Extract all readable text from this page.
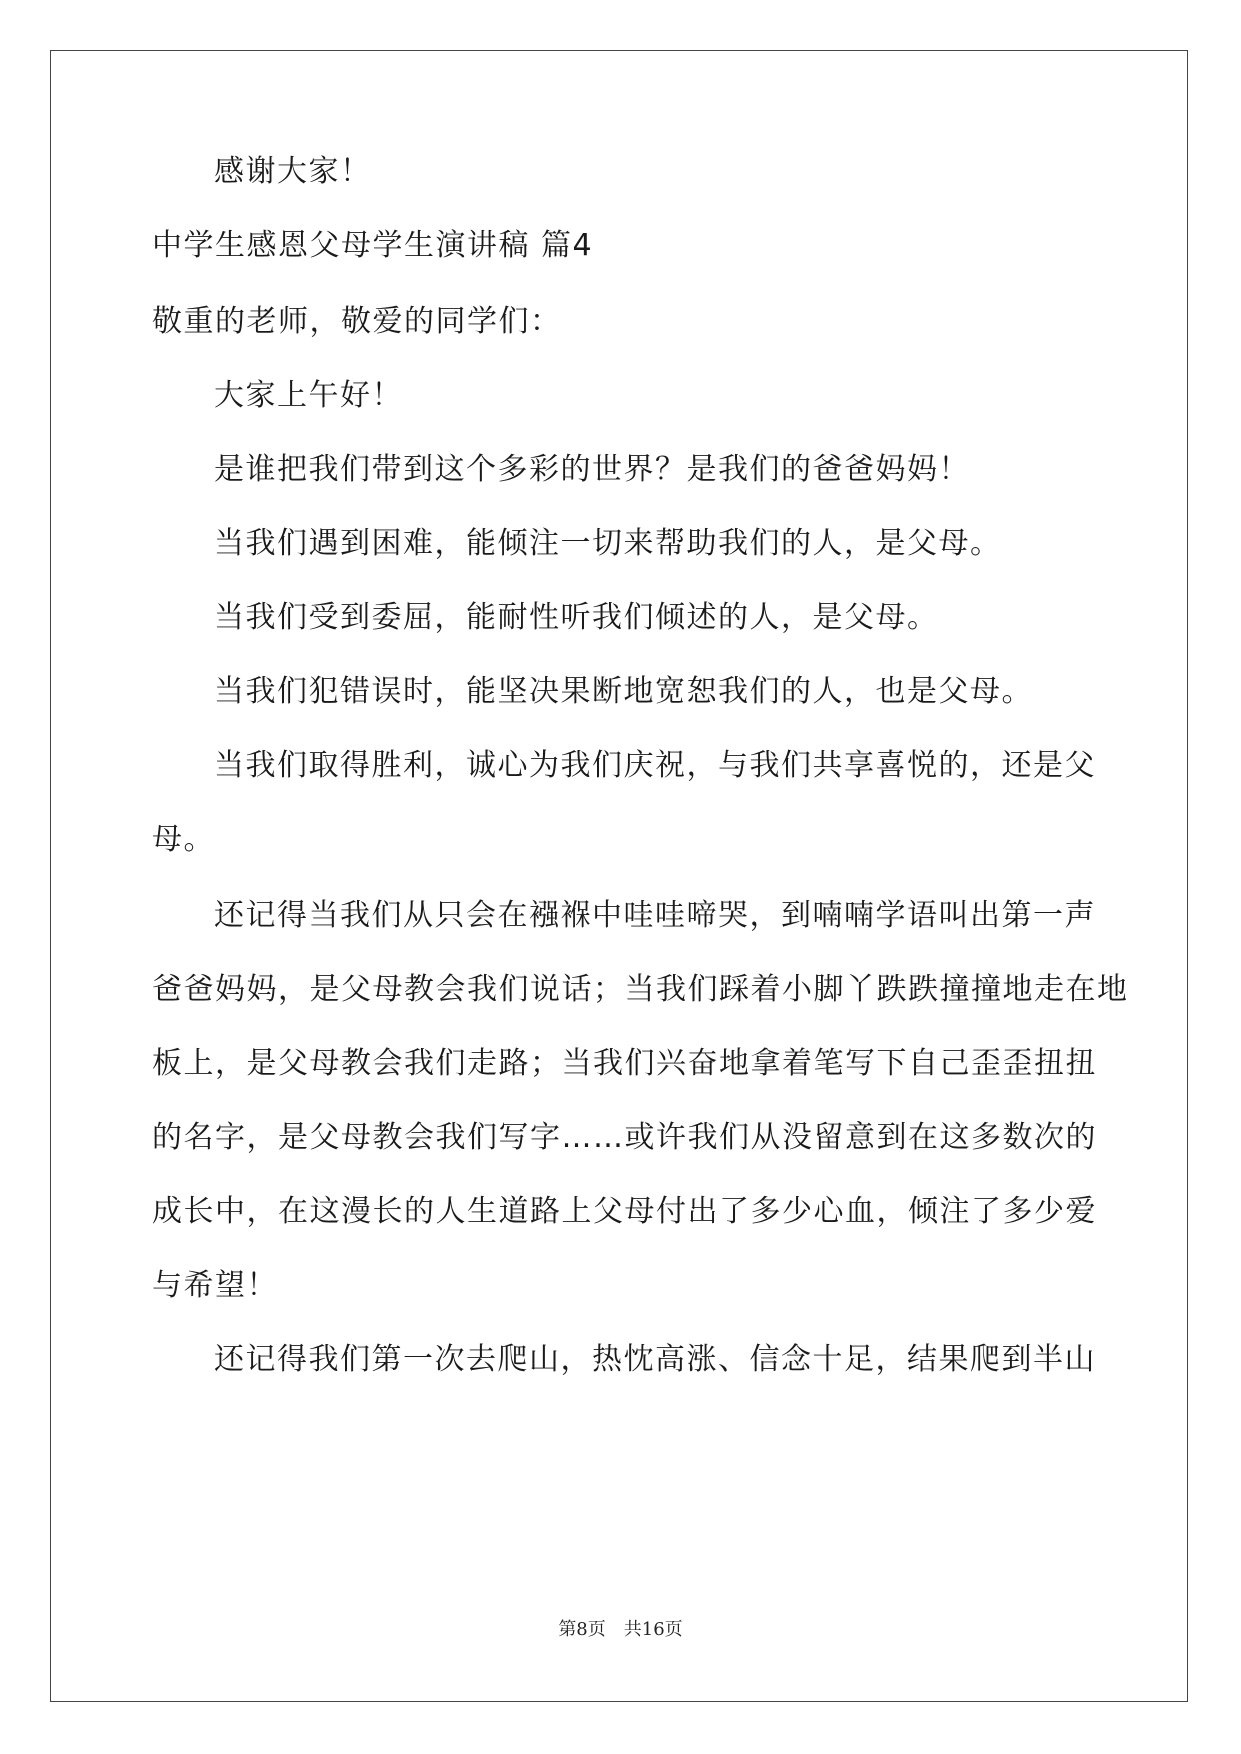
感谢大家！
中学生感恩父母学生演讲稿 篇4
敬重的老师，敬爱的同学们：
大家上午好！
是谁把我们带到这个多彩的世界？是我们的爸爸妈妈！
当我们遇到困难，能倾注一切来帮助我们的人，是父母。
当我们受到委屈，能耐性听我们倾述的人，是父母。
当我们犯错误时，能坚决果断地宽恕我们的人，也是父母。
当我们取得胜利，诚心为我们庆祝，与我们共享喜悦的，还是父
母。
还记得当我们从只会在襁褓中哇哇啼哭，到喃喃学语叫出第一声
爸爸妈妈，是父母教会我们说话；当我们踩着小脚丫跌跌撞撞地走在地
板上，是父母教会我们走路；当我们兴奋地拿着笔写下自己歪歪扭扭
的名字，是父母教会我们写字……或许我们从没留意到在这多数次的
成长中，在这漫长的人生道路上父母付出了多少心血，倾注了多少爱
与希望！
还记得我们第一次去爬山，热忱高涨、信念十足，结果爬到半山
第8页　共16页
